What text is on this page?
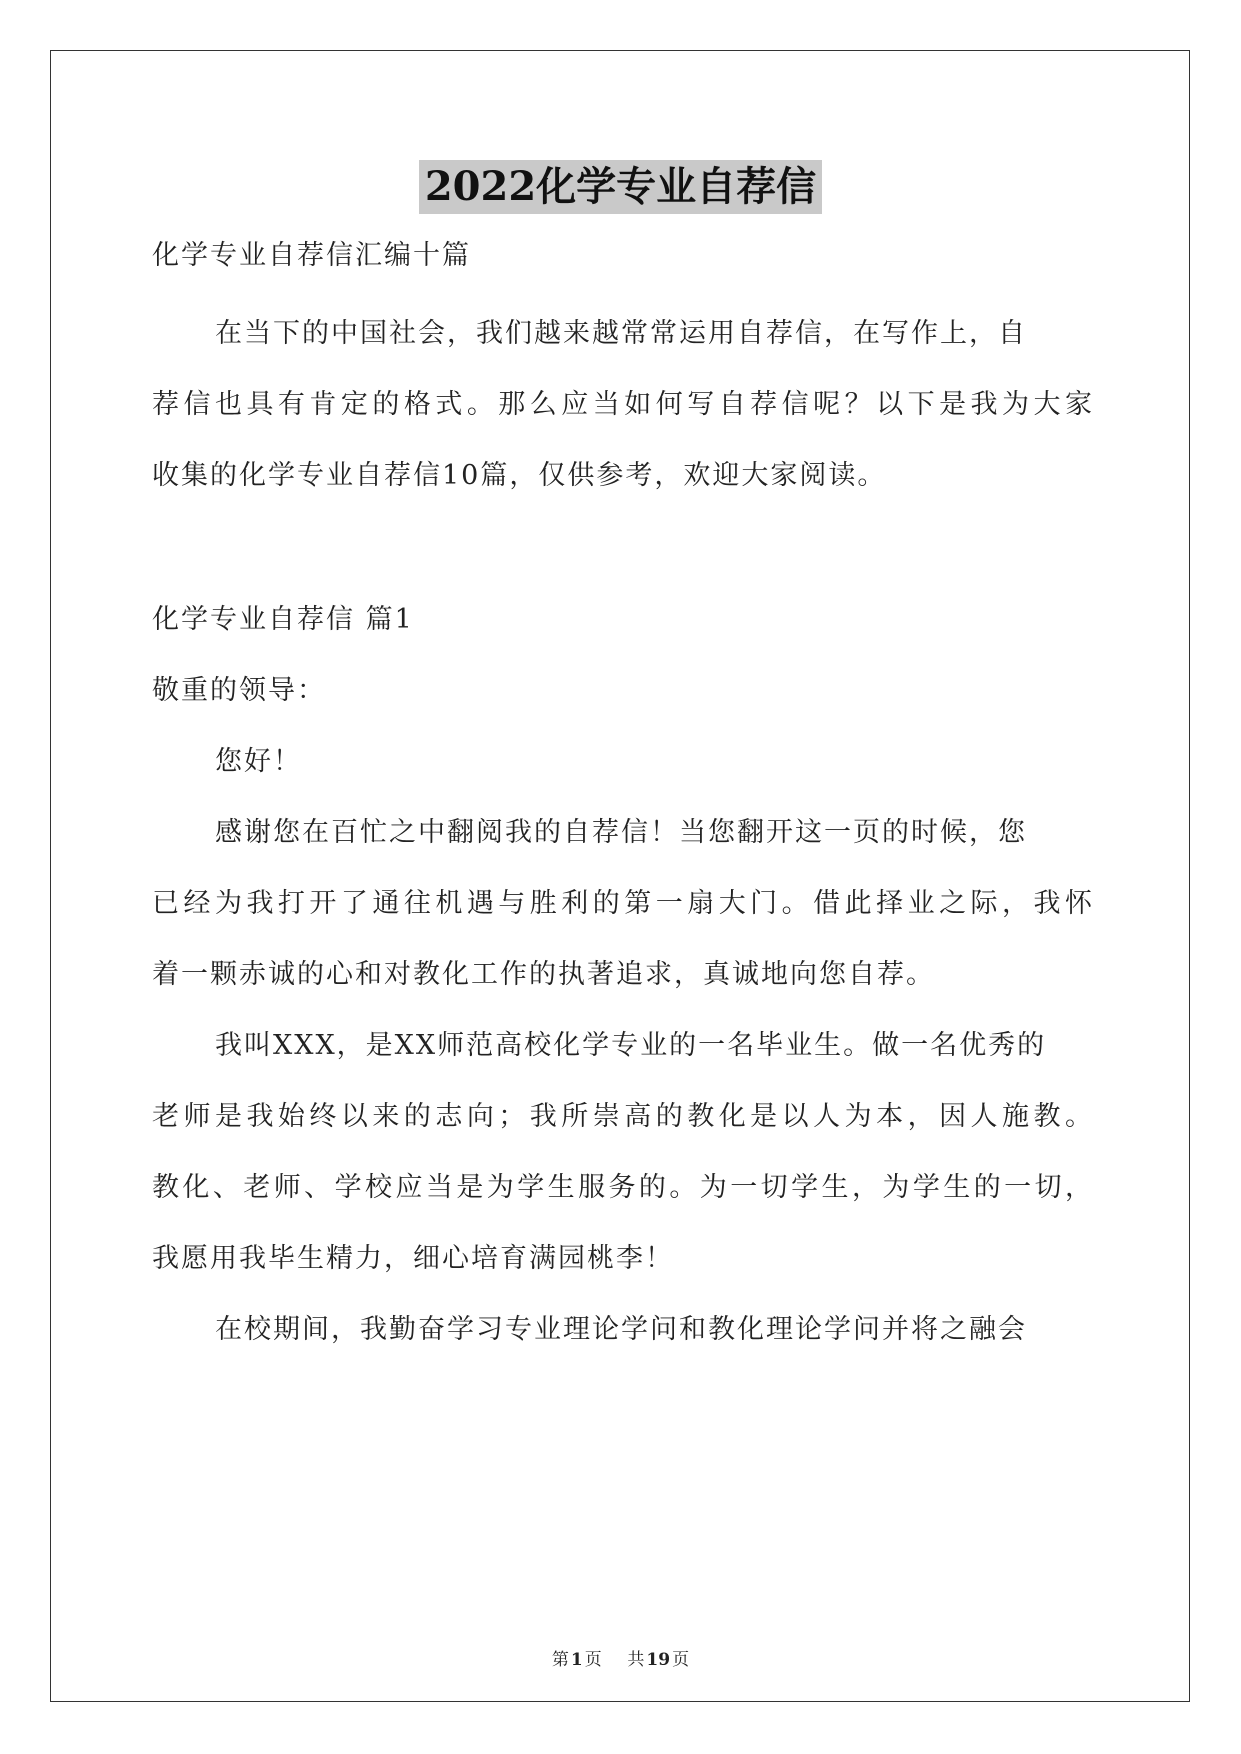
2022化学专业自荐信
化学专业自荐信汇编十篇
在当下的中国社会，我们越来越常常运用自荐信，在写作上，自
荐信也具有肯定的格式。那么应当如何写自荐信呢？以下是我为大家
收集的化学专业自荐信10篇，仅供参考，欢迎大家阅读。
化学专业自荐信 篇1
敬重的领导：
您好！
感谢您在百忙之中翻阅我的自荐信！当您翻开这一页的时候，您
已经为我打开了通往机遇与胜利的第一扇大门。借此择业之际，我怀
着一颗赤诚的心和对教化工作的执著追求，真诚地向您自荐。
我叫XXX，是XX师范高校化学专业的一名毕业生。做一名优秀的
老师是我始终以来的志向；我所崇高的教化是以人为本，因人施教。
教化、老师、学校应当是为学生服务的。为一切学生，为学生的一切，
我愿用我毕生精力，细心培育满园桃李！
在校期间，我勤奋学习专业理论学问和教化理论学问并将之融会
第 1 页 共 19 页
